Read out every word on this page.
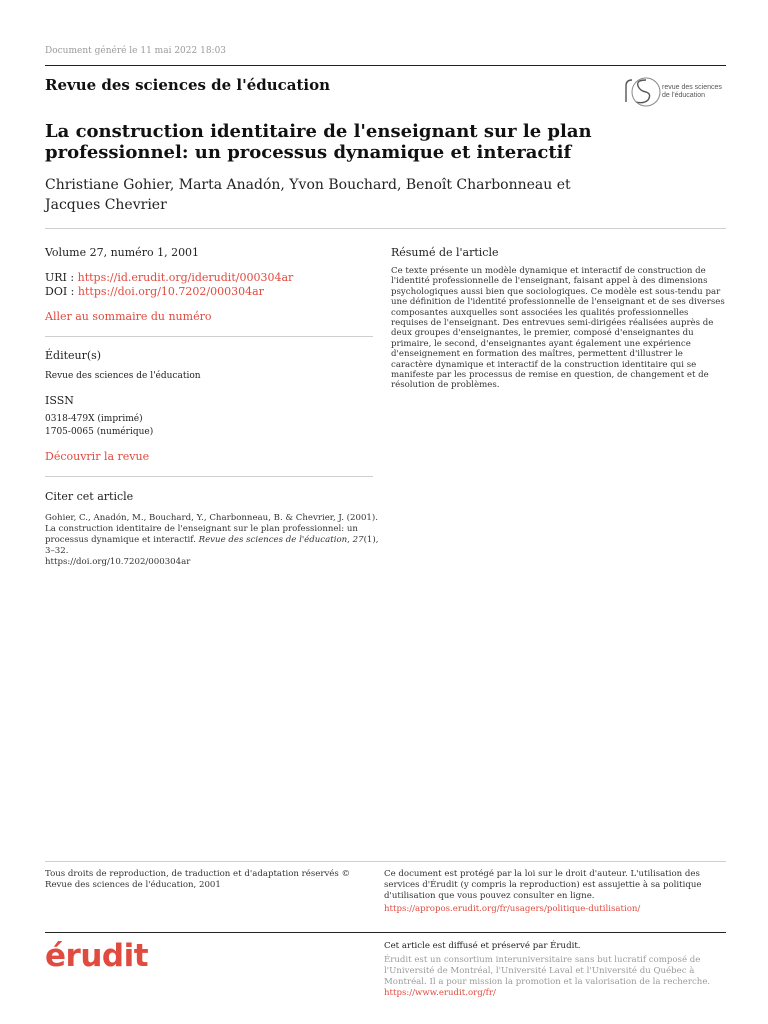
Document généré le 11 mai 2022 18:03
Revue des sciences de l'éducation	revue des sciences
de l'éducation
La construction identitaire de l'enseignant sur le plan professionnel: un processus dynamique et interactif
Christiane Gohier, Marta Anadón, Yvon Bouchard, Benoît Charbonneau et
Jacques Chevrier
Volume 27, numéro 1, 2001
URI : https://id.erudit.org/iderudit/000304ar
DOI : https://doi.org/10.7202/000304ar
Aller au sommaire du numéro
Éditeur(s)
Revue des sciences de l'éducation
ISSN
0318-479X (imprimé)
1705-0065 (numérique)
Découvrir la revue
Citer cet article
Gohier, C., Anadón, M., Bouchard, Y., Charbonneau, B. & Chevrier, J. (2001). La construction identitaire de l'enseignant sur le plan professionnel: un processus dynamique et interactif. Revue des sciences de l'éducation, 27(1), 3–32.
https://doi.org/10.7202/000304ar
Résumé de l'article
Ce texte présente un modèle dynamique et interactif de construction de l'identité professionnelle de l'enseignant, faisant appel à des dimensions psychologiques aussi bien que sociologiques. Ce modèle est sous-tendu par une définition de l'identité professionnelle de l'enseignant et de ses diverses composantes auxquelles sont associées les qualités professionnelles requises de l'enseignant. Des entrevues semi-dirigées réalisées auprès de deux groupes d'enseignantes, le premier, composé d'enseignantes du primaire, le second, d'enseignantes ayant également une expérience d'enseignement en formation des maîtres, permettent d'illustrer le caractère dynamique et interactif de la construction identitaire qui se manifeste par les processus de remise en question, de changement et de résolution de problèmes.
Tous droits de reproduction, de traduction et d'adaptation réservés © Revue des sciences de l'éducation, 2001
Ce document est protégé par la loi sur le droit d'auteur. L'utilisation des services d'Érudit (y compris la reproduction) est assujettie à sa politique d'utilisation que vous pouvez consulter en ligne.
https://apropos.erudit.org/fr/usagers/politique-dutilisation/
érudit	Cet article est diffusé et préservé par Érudit.
Érudit est un consortium interuniversitaire sans but lucratif composé de l'Université de Montréal, l'Université Laval et l'Université du Québec à Montréal. Il a pour mission la promotion et la valorisation de la recherche.
https://www.erudit.org/fr/
